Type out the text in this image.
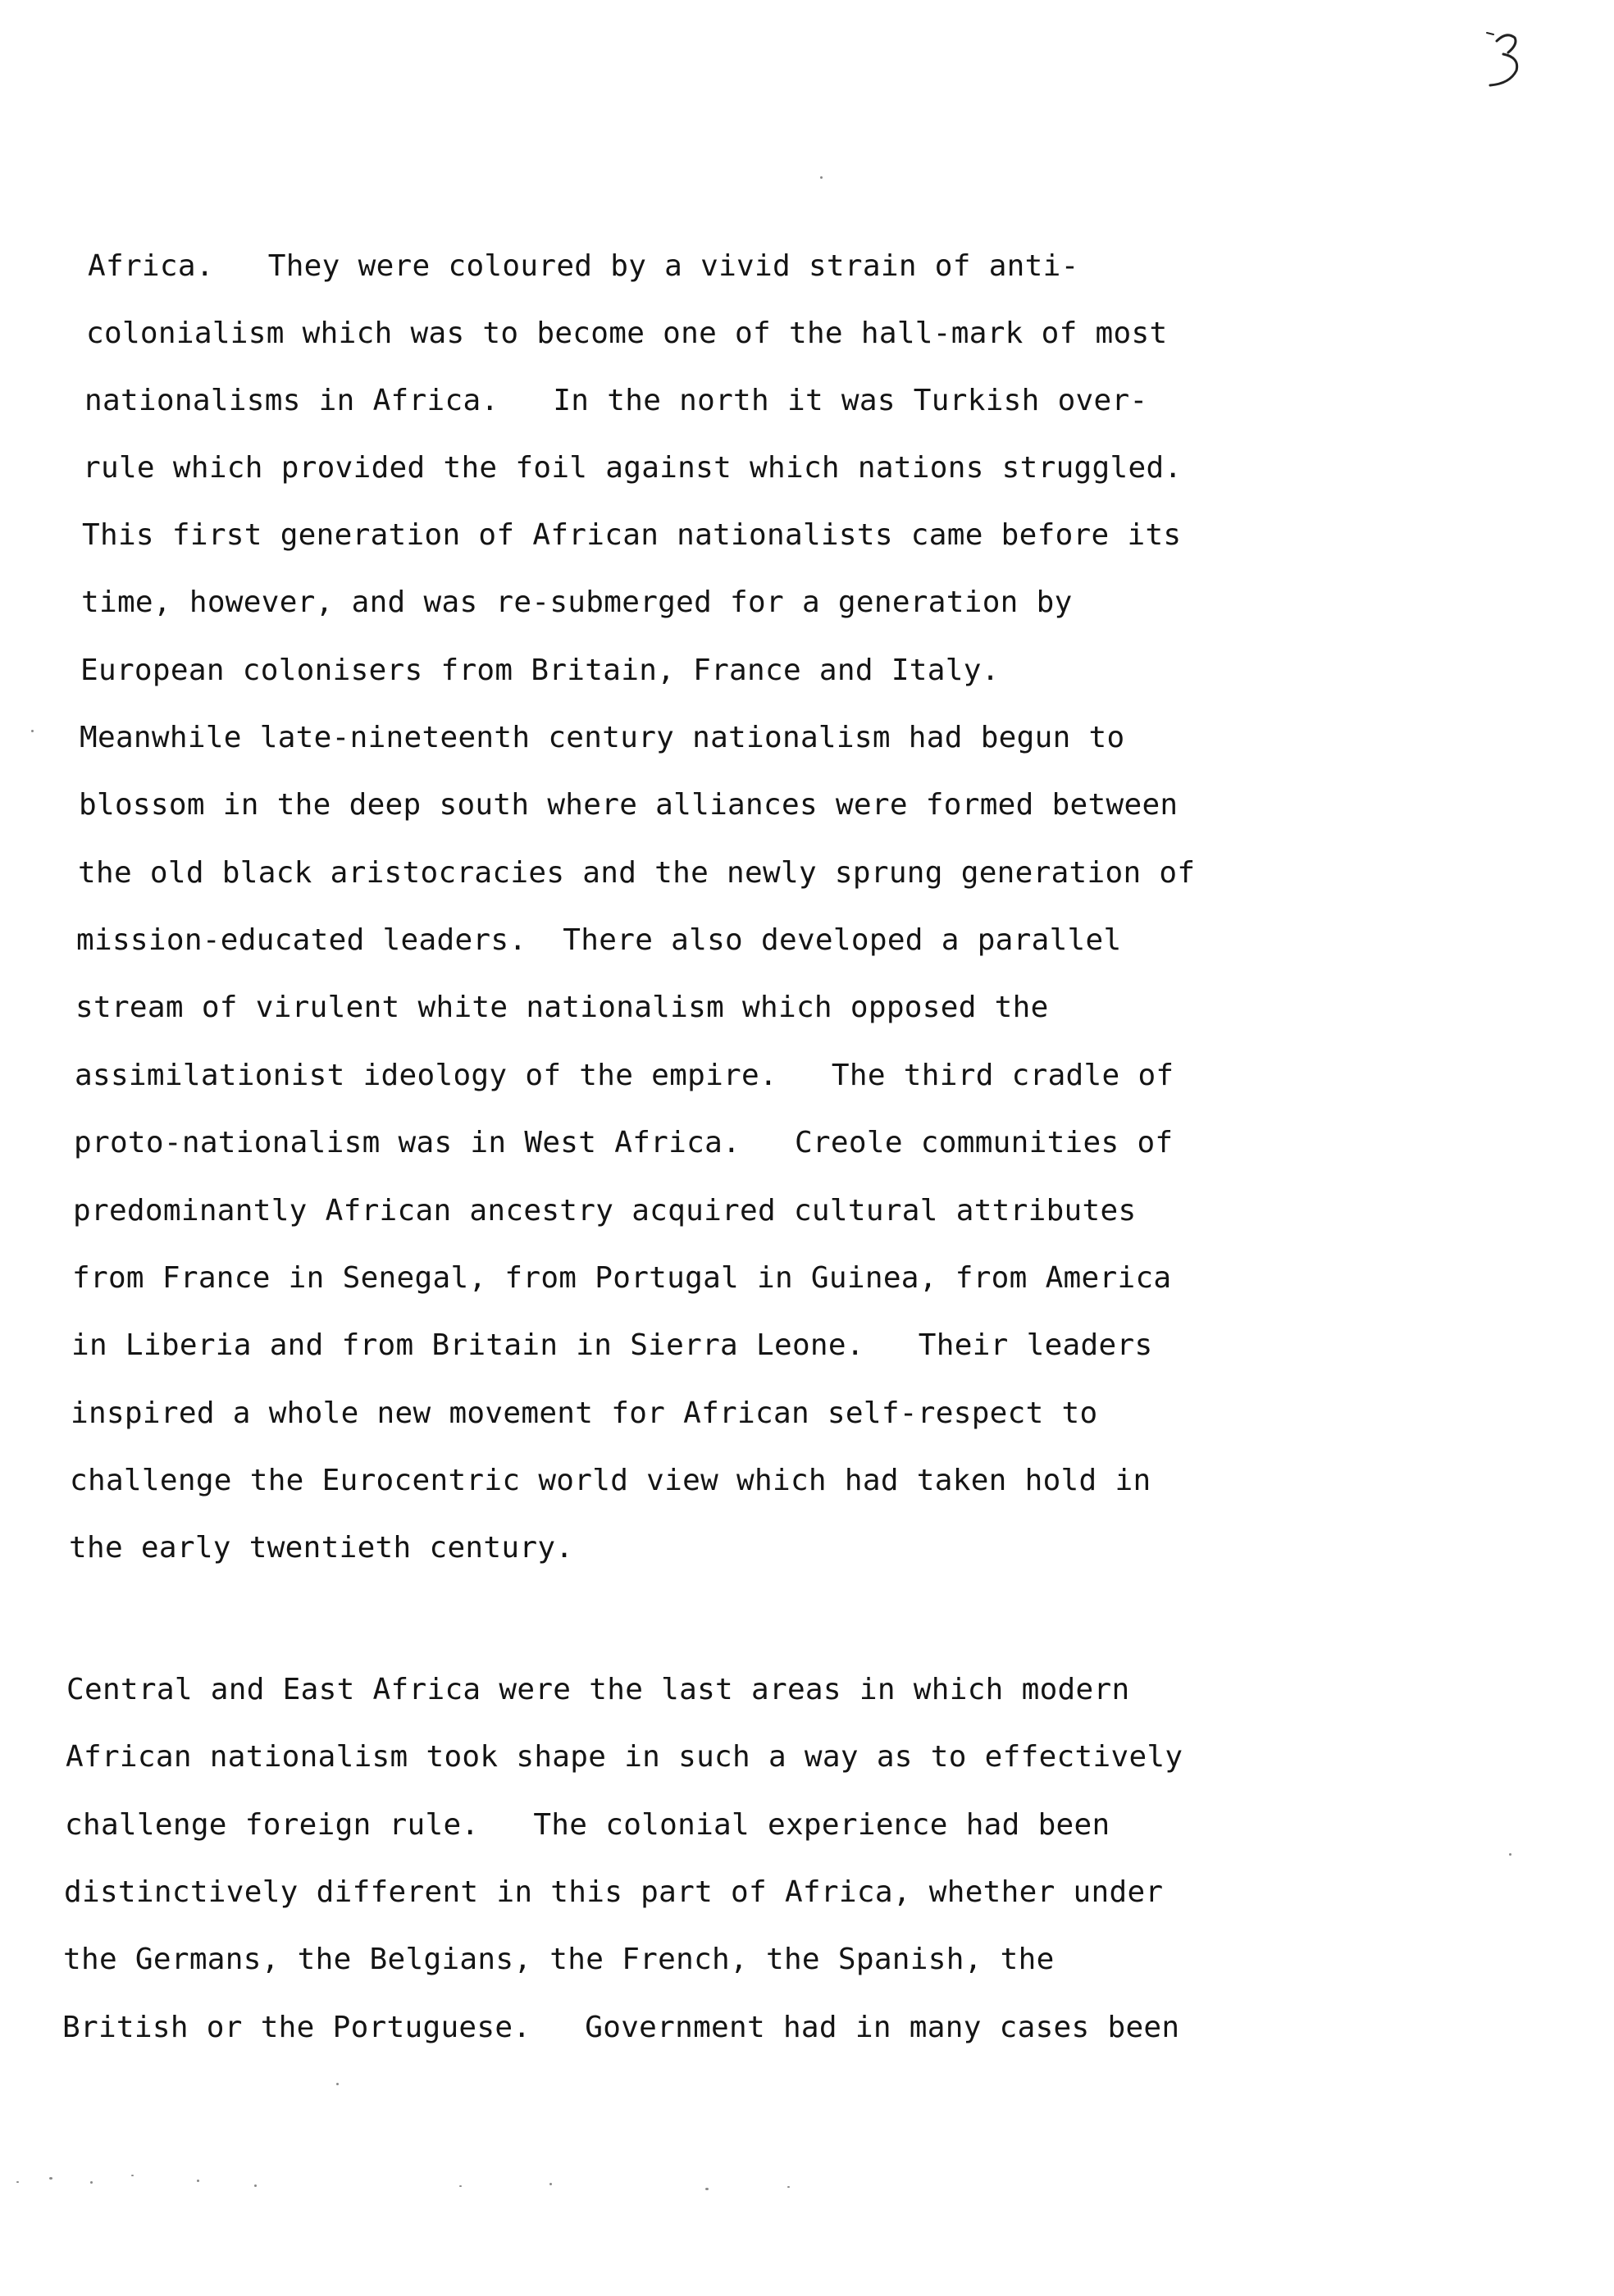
Africa.   They were coloured by a vivid strain of anti-
colonialism which was to become one of the hall-mark of most
nationalisms in Africa.   In the north it was Turkish over-
rule which provided the foil against which nations struggled.
This first generation of African nationalists came before its
time, however, and was re-submerged for a generation by
European colonisers from Britain, France and Italy.
Meanwhile late-nineteenth century nationalism had begun to
blossom in the deep south where alliances were formed between
the old black aristocracies and the newly sprung generation of
mission-educated leaders.  There also developed a parallel
stream of virulent white nationalism which opposed the
assimilationist ideology of the empire.   The third cradle of
proto-nationalism was in West Africa.   Creole communities of
predominantly African ancestry acquired cultural attributes
from France in Senegal, from Portugal in Guinea, from America
in Liberia and from Britain in Sierra Leone.   Their leaders
inspired a whole new movement for African self-respect to
challenge the Eurocentric world view which had taken hold in
the early twentieth century.
Central and East Africa were the last areas in which modern
African nationalism took shape in such a way as to effectively
challenge foreign rule.   The colonial experience had been
distinctively different in this part of Africa, whether under
the Germans, the Belgians, the French, the Spanish, the
British or the Portuguese.   Government had in many cases been
